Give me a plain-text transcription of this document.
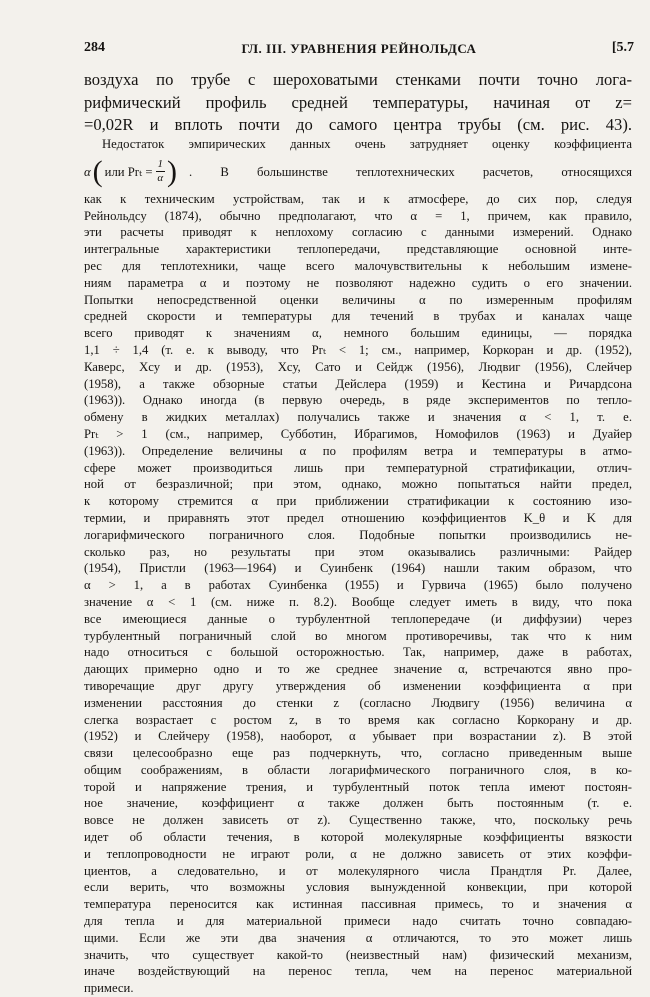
284	ГЛ. III. УРАВНЕНИЯ РЕЙНОЛЬДСА	[5.7
воздуха по трубе с шероховатыми стенками почти точно лога-
рифмический профиль средней температуры, начиная от z=
=0,02R и вплоть почти до самого центра трубы (см. рис. 43).
Недостаток эмпирических данных очень затрудняет оценку коэффициента
α ( или $Pr_t = \frac{1}{\alpha}$ ) . В большинстве теплотехнических расчетов, относящихся
как к техническим устройствам, так и к атмосфере, до сих пор, следуя
Рейнольдсу (1874), обычно предполагают, что α = 1, причем, как правило,
эти расчеты приводят к неплохому согласию с данными измерений. Однако
интегральные характеристики теплопередачи, представляющие основной инте-
рес для теплотехники, чаще всего малочувствительны к небольшим измене-
ниям параметра α и поэтому не позволяют надежно судить о его значении.
Попытки непосредственной оценки величины α по измеренным профилям
средней скорости и температуры для течений в трубах и каналах чаще
всего приводят к значениям α, немного большим единицы, — порядка
1,1 ÷ 1,4 (т. е. к выводу, что Prₜ < 1; см., например, Коркоран и др. (1952),
Каверс, Хсу и др. (1953), Хсу, Сато и Сейдж (1956), Людвиг (1956), Слейчер
(1958), а также обзорные статьи Дейслера (1959) и Кестина и Ричардсона
(1963)). Однако иногда (в первую очередь, в ряде экспериментов по тепло-
обмену в жидких металлах) получались также и значения α < 1, т. е.
Prₜ > 1 (см., например, Субботин, Ибрагимов, Номофилов (1963) и Дуайер
(1963)). Определение величины α по профилям ветра и температуры в атмо-
сфере может производиться лишь при температурной стратификации, отлич-
ной от безразличной; при этом, однако, можно попытаться найти предел,
к которому стремится α при приближении стратификации к состоянию изо-
термии, и приравнять этот предел отношению коэффициентов K_θ и K для
логарифмического пограничного слоя. Подобные попытки производились не-
сколько раз, но результаты при этом оказывались различными: Райдер
(1954), Пристли (1963—1964) и Суинбенк (1964) нашли таким образом, что
α > 1, а в работах Суинбенка (1955) и Гурвича (1965) было получено
значение α < 1 (см. ниже п. 8.2). Вообще следует иметь в виду, что пока
все имеющиеся данные о турбулентной теплопередаче (и диффузии) через
турбулентный пограничный слой во многом противоречивы, так что к ним
надо относиться с большой осторожностью. Так, например, даже в работах,
дающих примерно одно и то же среднее значение α, встречаются явно про-
тиворечащие друг другу утверждения об изменении коэффициента α при
изменении расстояния до стенки z (согласно Людвигу (1956) величина α
слегка возрастает с ростом z, в то время как согласно Коркорану и др.
(1952) и Слейчеру (1958), наоборот, α убывает при возрастании z). В этой
связи целесообразно еще раз подчеркнуть, что, согласно приведенным выше
общим соображениям, в области логарифмического пограничного слоя, в ко-
торой и напряжение трения, и турбулентный поток тепла имеют постоян-
ное значение, коэффициент α также должен быть постоянным (т. е.
вовсе не должен зависеть от z). Существенно также, что, поскольку речь
идет об области течения, в которой молекулярные коэффициенты вязкости
и теплопроводности не играют роли, α не должно зависеть от этих коэффи-
циентов, а следовательно, и от молекулярного числа Прандтля Pr. Далее,
если верить, что возможны условия вынужденной конвекции, при которой
температура переносится как истинная пассивная примесь, то и значения α
для тепла и для материальной примеси надо считать точно совпадаю-
щими. Если же эти два значения α отличаются, то это может лишь
значить, что существует какой-то (неизвестный нам) физический механизм,
иначе воздействующий на перенос тепла, чем на перенос материальной
примеси.
